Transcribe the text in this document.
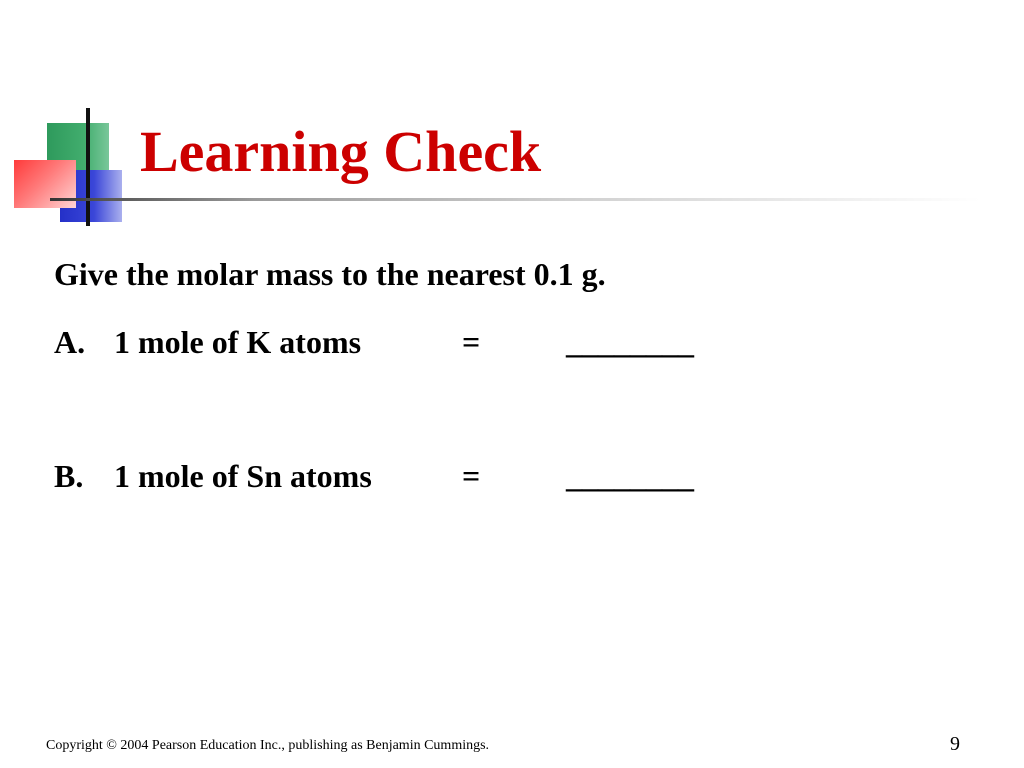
Learning Check
Give the molar mass to the nearest 0.1 g.
A. 1 mole of K atoms	=	________
B. 1 mole of Sn atoms	=	________
Copyright © 2004 Pearson Education Inc., publishing as Benjamin Cummings.	9
